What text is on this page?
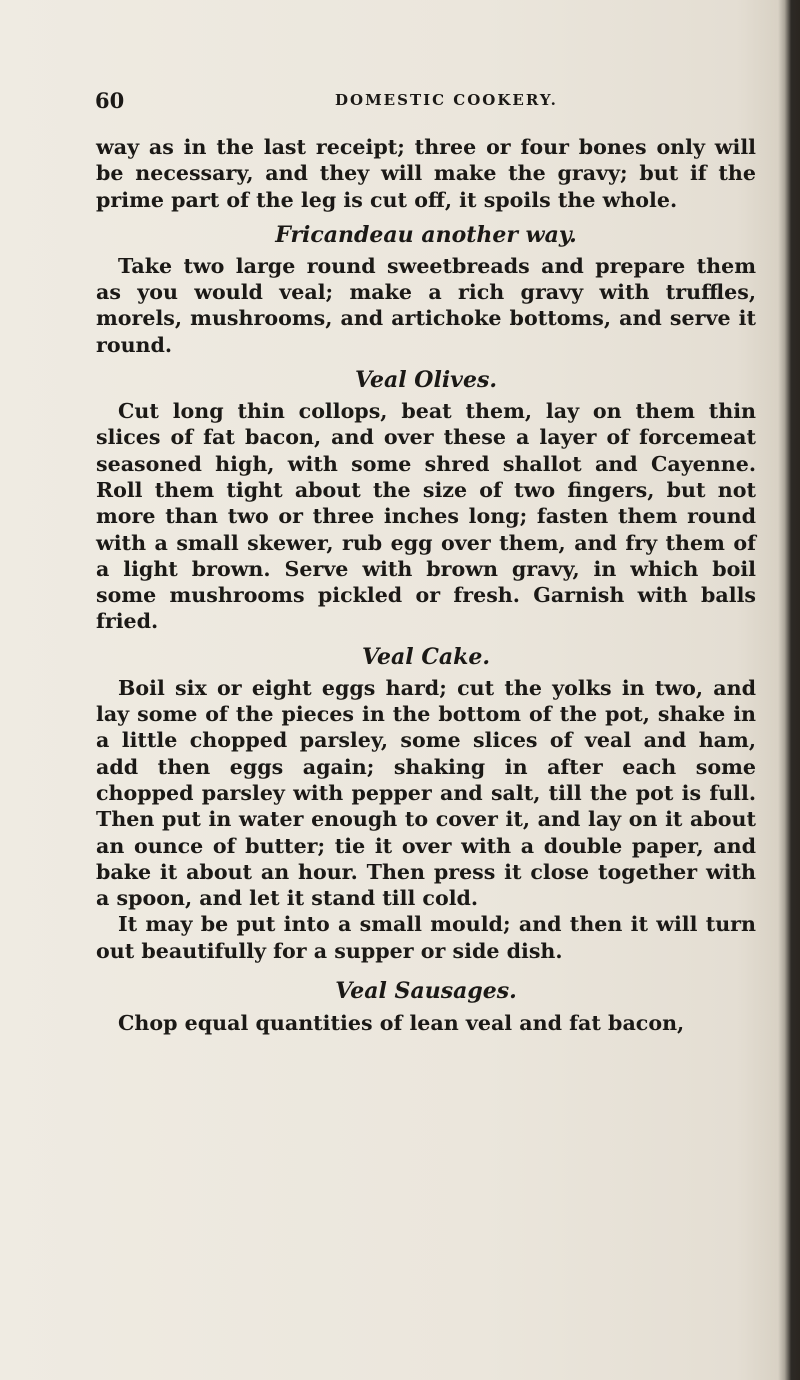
60	DOMESTIC COOKERY.

way as in the last receipt; three or four bones only will be necessary, and they will make the gravy; but if the prime part of the leg is cut off, it spoils the whole.

Fricandeau another way.

Take two large round sweetbreads and prepare them as you would veal; make a rich gravy with truffles, morels, mushrooms, and artichoke bottoms, and serve it round.

Veal Olives.

Cut long thin collops, beat them, lay on them thin slices of fat bacon, and over these a layer of forcemeat seasoned high, with some shred shallot and Cayenne. Roll them tight about the size of two fingers, but not more than two or three inches long; fasten them round with a small skewer, rub egg over them, and fry them of a light brown. Serve with brown gravy, in which boil some mushrooms pickled or fresh. Garnish with balls fried.

Veal Cake.

Boil six or eight eggs hard; cut the yolks in two, and lay some of the pieces in the bottom of the pot, shake in a little chopped parsley, some slices of veal and ham, add then eggs again; shaking in after each some chopped parsley with pepper and salt, till the pot is full. Then put in water enough to cover it, and lay on it about an ounce of butter; tie it over with a double paper, and bake it about an hour. Then press it close together with a spoon, and let it stand till cold.

It may be put into a small mould; and then it will turn out beautifully for a supper or side dish.

Veal Sausages.

Chop equal quantities of lean veal and fat bacon,
